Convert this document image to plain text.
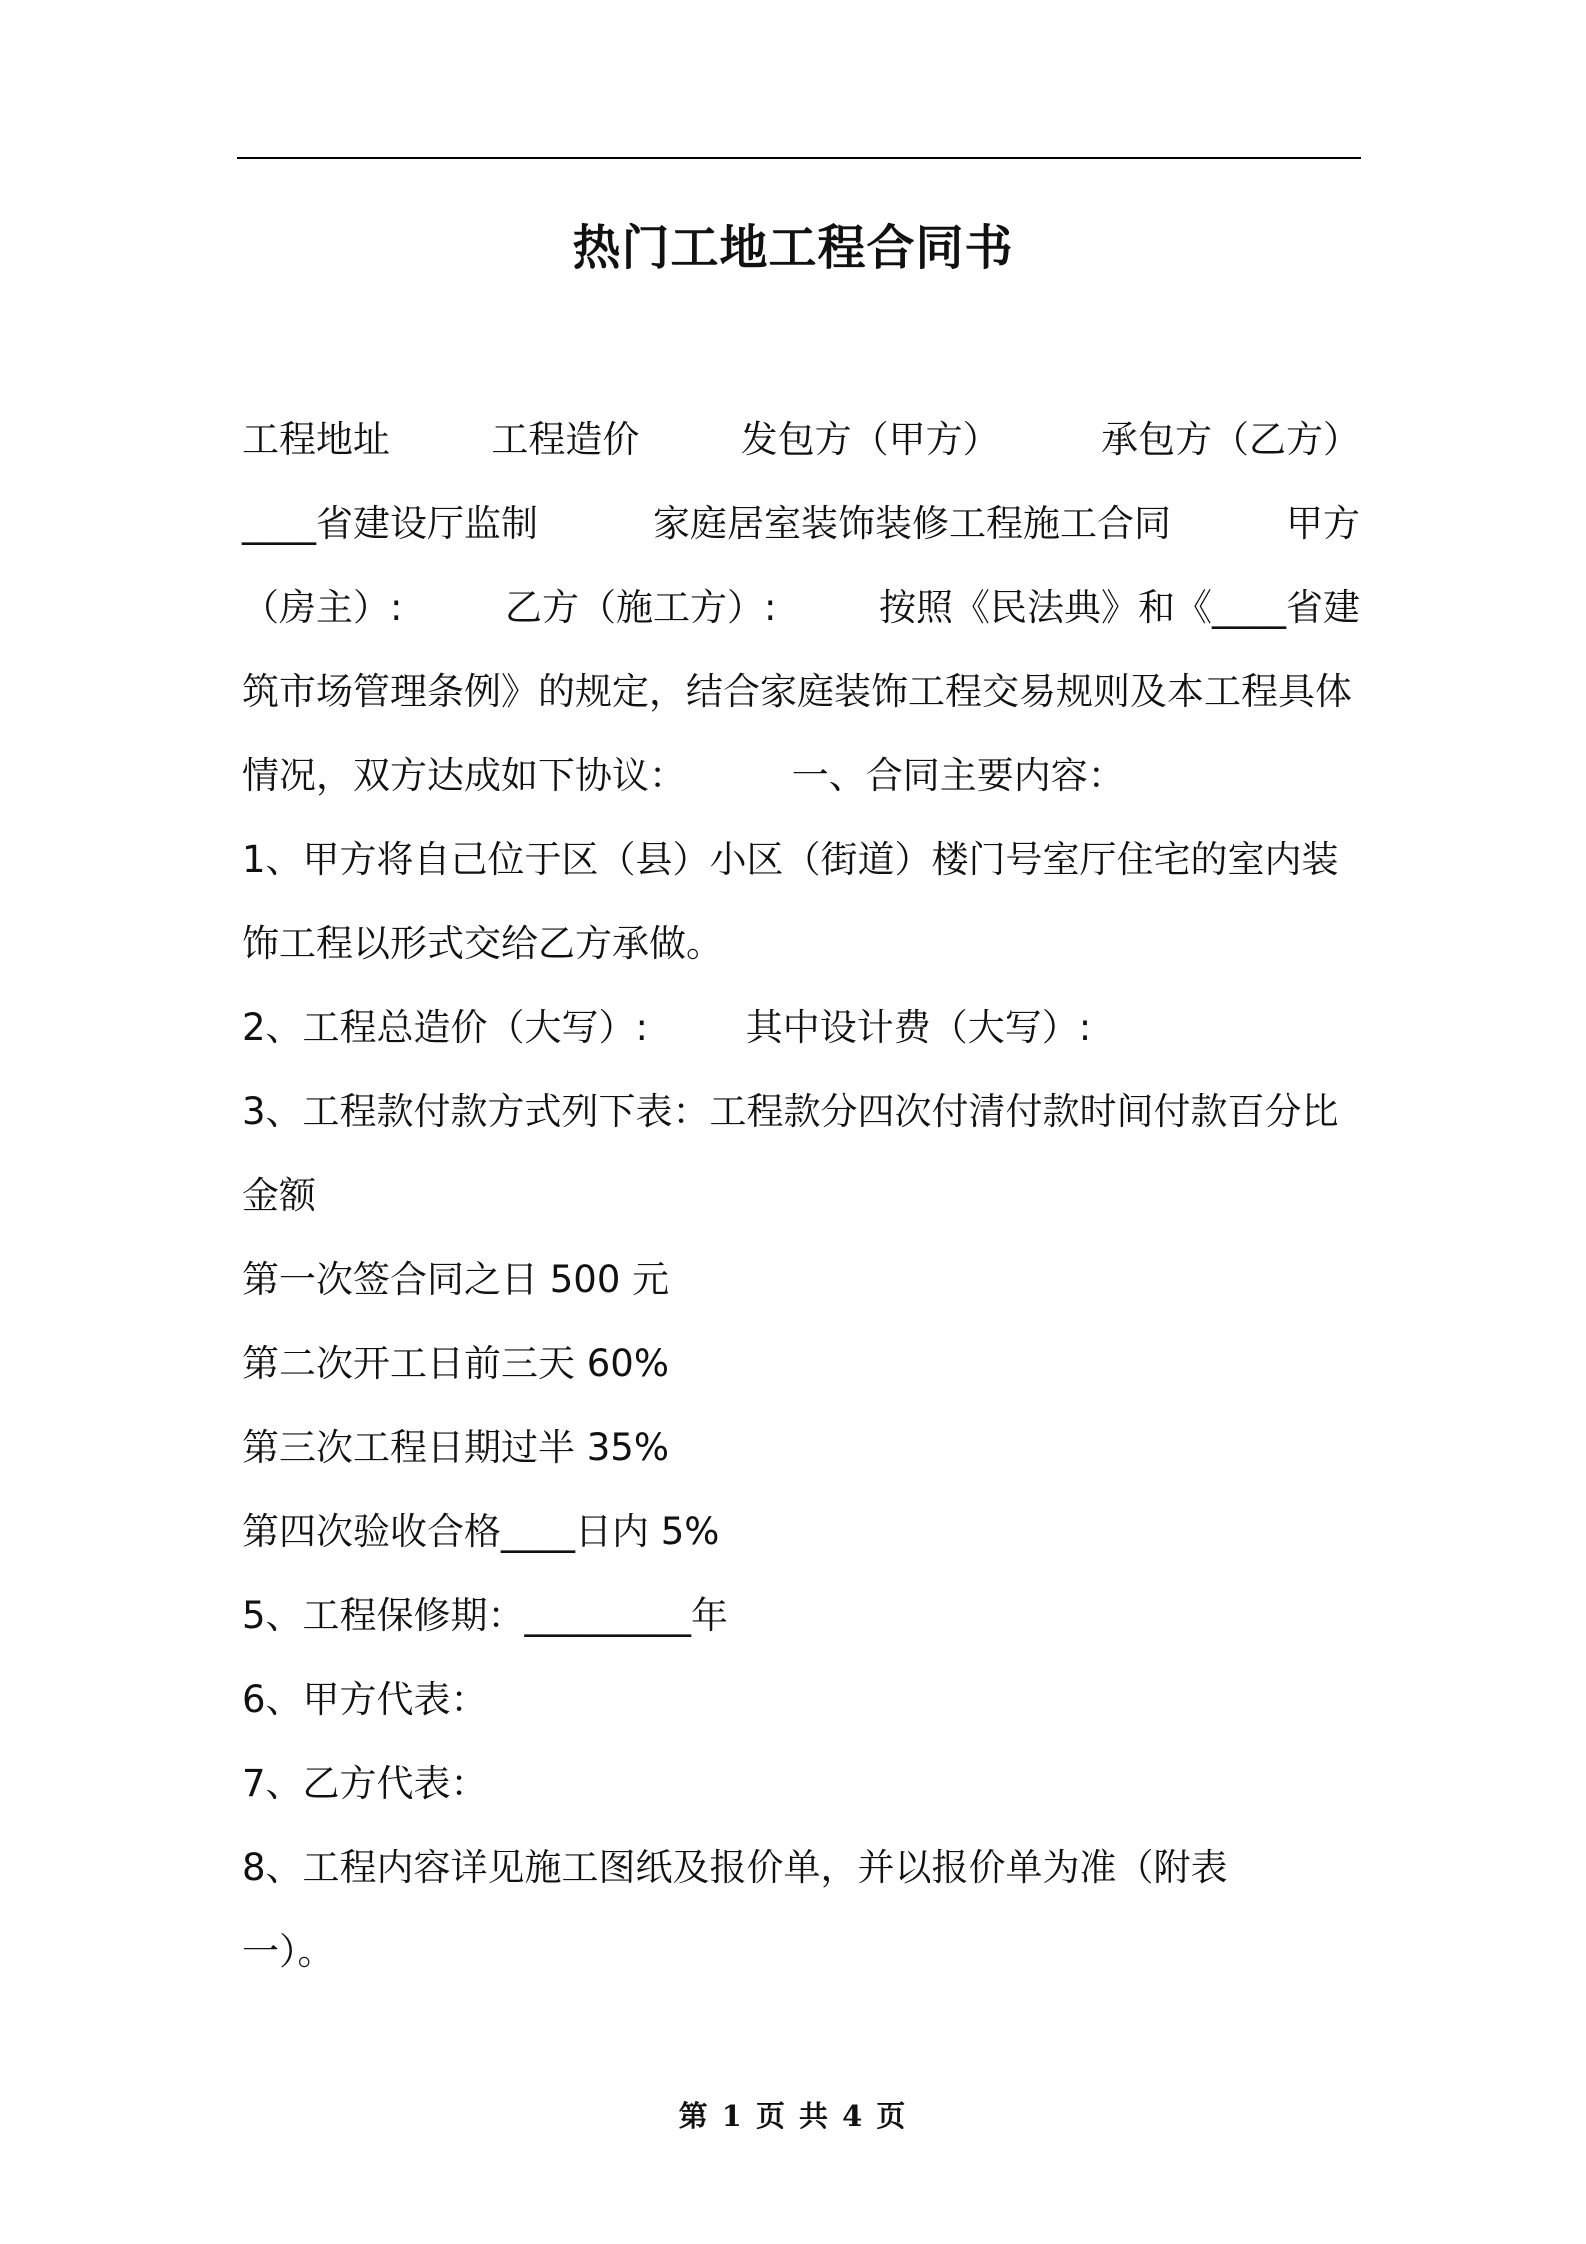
热门工地工程合同书
工程地址	工程造价	发包方（甲方）	承包方（乙方）
____省建设厅监制	家庭居室装饰装修工程施工合同	甲方
（房主）:	乙方（施工方）:	按照《民法典》和《____省建
筑市场管理条例》的规定，结合家庭装饰工程交易规则及本工程具体
情况，双方达成如下协议：	一、合同主要内容：
1、甲方将自己位于区（县）小区（街道）楼门号室厅住宅的室内装
饰工程以形式交给乙方承做。
2、工程总造价（大写）:	其中设计费（大写）:
3、工程款付款方式列下表：工程款分四次付清付款时间付款百分比
金额
第一次签合同之日 500 元
第二次开工日前三天 60%
第三次工程日期过半 35%
第四次验收合格____日内 5%
5、工程保修期：_________年
6、甲方代表：
7、乙方代表：
8、工程内容详见施工图纸及报价单，并以报价单为准（附表
一）。
第 1 页 共 4 页
